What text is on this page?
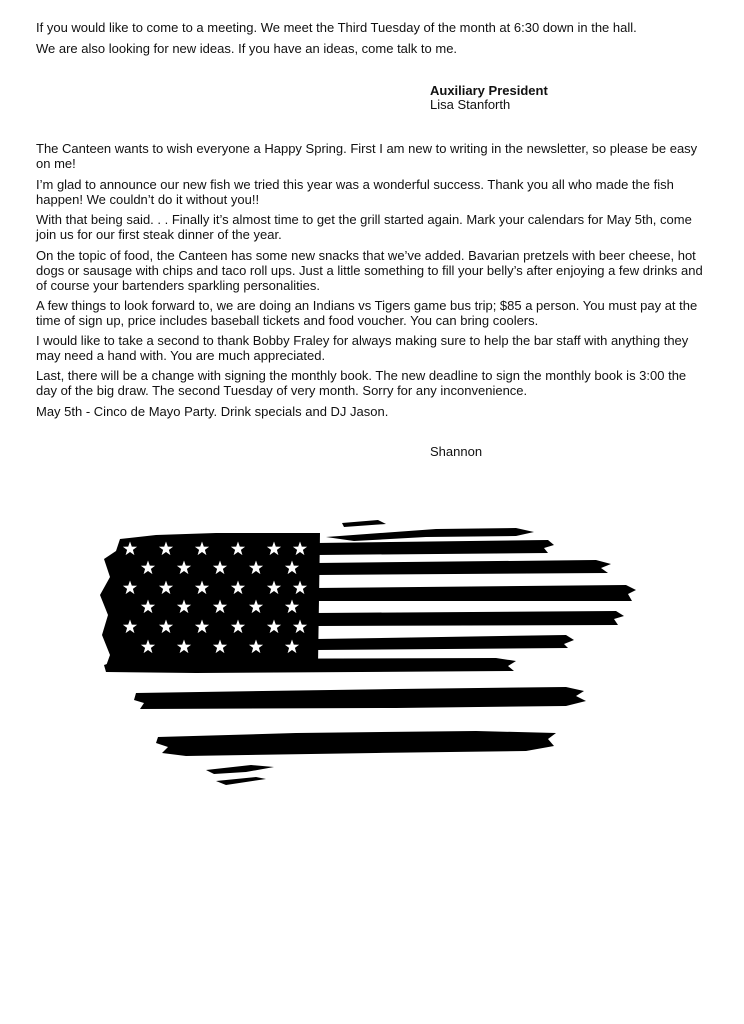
If you would like to come to a meeting. We meet the Third Tuesday of the month at 6:30 down in the hall.

We are also looking for new ideas. If you have an ideas, come talk to me.

Auxiliary President

Lisa Stanforth

The Canteen wants to wish everyone a Happy Spring. First I am new to writing in the newsletter, so please be easy on me!

I’m glad to announce our new fish we tried this year was a wonderful success. Thank you all who made the fish happen! We couldn’t do it without you!!

With that being said. . . Finally it’s almost time to get the grill started again. Mark your calendars for May 5th, come join us for our first steak dinner of the year.

On the topic of food, the Canteen has some new snacks that we’ve added. Bavarian pretzels with beer cheese, hot dogs or sausage with chips and taco roll ups. Just a little something to fill your belly’s after enjoying a few drinks and of course your bartenders sparkling personalities.

A few things to look forward to, we are doing an Indians vs Tigers game bus trip; $85 a person. You must pay at the time of sign up, price includes baseball tickets and food voucher. You can bring coolers.

I would like to take a second to thank Bobby Fraley for always making sure to help the bar staff with anything they may need a hand with. You are much appreciated.

Last, there will be a change with signing the monthly book. The new deadline to sign the monthly book is 3:00 the day of the big draw. The second Tuesday of very month. Sorry for any inconvenience.

May 5th - Cinco de Mayo Party. Drink specials and DJ Jason.

Shannon
